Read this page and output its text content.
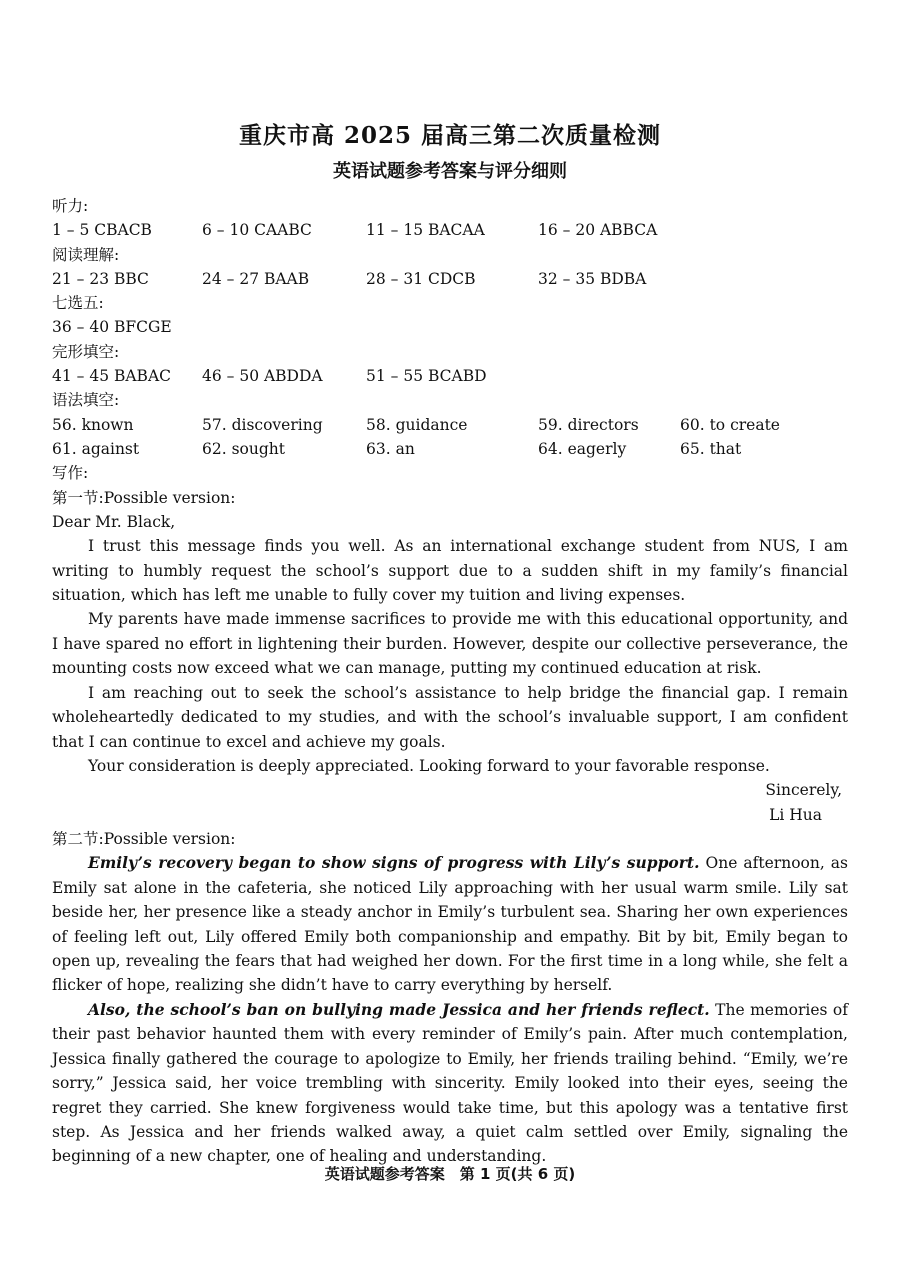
重庆市高 2025 届高三第二次质量检测
英语试题参考答案与评分细则
听力:
1 – 5 CBACB	6 – 10 CAABC	11 – 15 BACAA	16 – 20 ABBCA
阅读理解:
21 – 23 BBC	24 – 27 BAAB	28 – 31 CDCB	32 – 35 BDBA
七选五:
36 – 40 BFCGE
完形填空:
41 – 45 BABAC 46 – 50 ABDDA	51 – 55 BCABD
语法填空:
56. known	57. discovering	58. guidance	59. directors	60. to create
61. against	62. sought	63. an	64. eagerly	65. that
写作:
第一节:Possible version:

Dear Mr. Black,

I trust this message finds you well. As an international exchange student from NUS, I am writing to humbly request the school’s support due to a sudden shift in my family’s financial situation, which has left me unable to fully cover my tuition and living expenses.

My parents have made immense sacrifices to provide me with this educational opportunity, and I have spared no effort in lightening their burden. However, despite our collective perseverance, the mounting costs now exceed what we can manage, putting my continued education at risk.

I am reaching out to seek the school’s assistance to help bridge the financial gap. I remain wholeheartedly dedicated to my studies, and with the school’s invaluable support, I am confident that I can continue to excel and achieve my goals.

Your consideration is deeply appreciated. Looking forward to your favorable response.

Sincerely,

Li Hua

第二节:Possible version:

Emily’s recovery began to show signs of progress with Lily’s support. One afternoon, as Emily sat alone in the cafeteria, she noticed Lily approaching with her usual warm smile. Lily sat beside her, her presence like a steady anchor in Emily’s turbulent sea. Sharing her own experiences of feeling left out, Lily offered Emily both companionship and empathy. Bit by bit, Emily began to open up, revealing the fears that had weighed her down. For the first time in a long while, she felt a flicker of hope, realizing she didn’t have to carry everything by herself.

Also, the school’s ban on bullying made Jessica and her friends reflect. The memories of their past behavior haunted them with every reminder of Emily’s pain. After much contemplation, Jessica finally gathered the courage to apologize to Emily, her friends trailing behind. “Emily, we’re sorry,” Jessica said, her voice trembling with sincerity. Emily looked into their eyes, seeing the regret they carried. She knew forgiveness would take time, but this apology was a tentative first step. As Jessica and her friends walked away, a quiet calm settled over Emily, signaling the beginning of a new chapter, one of healing and understanding.

英语试题参考答案　第 1 页(共 6 页)
